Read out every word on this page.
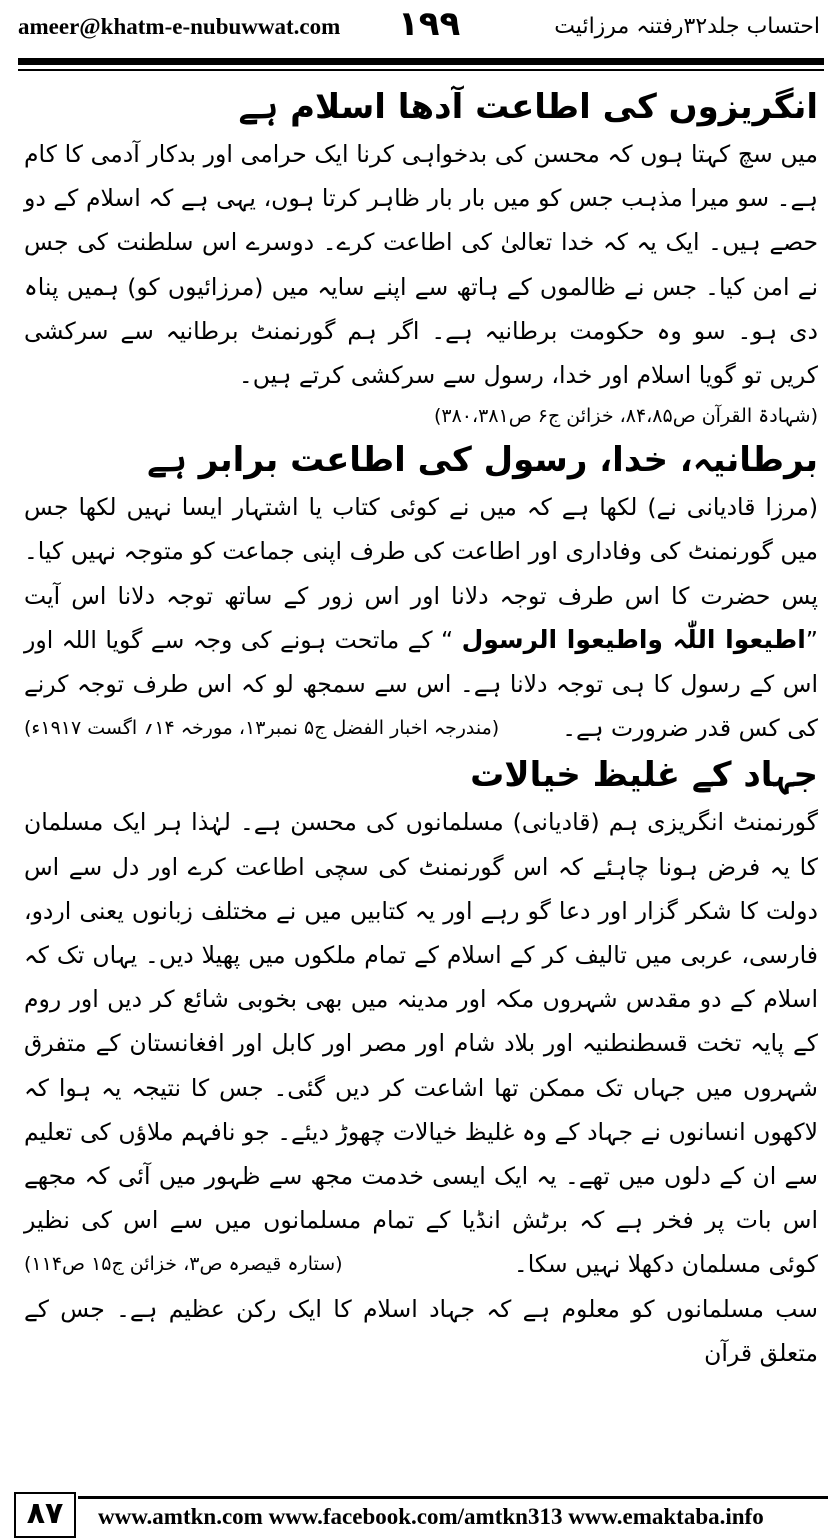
ameer@khatm-e-nubuwwat.com ۱۹۹	احتساب جلد۳۲رفتنہ مرزائیت
انگریزوں کی اطاعت آدھا اسلام ہے

میں سچ کہتا ہوں کہ محسن کی بدخواہی کرنا ایک حرامی اور بدکار آدمی کا کام ہے۔ سو میرا مذہب جس کو میں بار بار ظاہر کرتا ہوں، یہی ہے کہ اسلام کے دو حصے ہیں۔ ایک یہ کہ خدا تعالیٰ کی اطاعت کرے۔ دوسرے اس سلطنت کی جس نے امن کیا۔ جس نے ظالموں کے ہاتھ سے اپنے سایہ میں (مرزائیوں کو) ہمیں پناہ دی ہو۔ سو وہ حکومت برطانیہ ہے۔ اگر ہم گورنمنٹ برطانیہ سے سرکشی کریں تو گویا اسلام اور خدا، رسول سے سرکشی کرتے ہیں۔

(شہادۃ القرآن ص۸۴،۸۵، خزائن ج۶ ص۳۸۰،۳۸۱)

برطانیہ، خدا، رسول کی اطاعت برابر ہے

(مرزا قادیانی نے) لکھا ہے کہ میں نے کوئی کتاب یا اشتہار ایسا نہیں لکھا جس میں گورنمنٹ کی وفاداری اور اطاعت کی طرف اپنی جماعت کو متوجہ نہیں کیا۔ پس حضرت کا اس طرف توجہ دلانا اور اس زور کے ساتھ توجہ دلانا اس آیت ”اطیعوا اللّٰہ واطیعوا الرسول “ کے ماتحت ہونے کی وجہ سے گویا اللہ اور اس کے رسول کا ہی توجہ دلانا ہے۔ اس سے سمجھ لو کہ اس طرف توجہ کرنے کی کس قدر ضرورت ہے۔
(مندرجہ اخبار الفضل ج۵ نمبر۱۳، مورخہ ۱۴؍ اگست ۱۹۱۷ء)

جہاد کے غلیظ خیالات

گورنمنٹ انگریزی ہم (قادیانی) مسلمانوں کی محسن ہے۔ لہٰذا ہر ایک مسلمان کا یہ فرض ہونا چاہئے کہ اس گورنمنٹ کی سچی اطاعت کرے اور دل سے اس دولت کا شکر گزار اور دعا گو رہے اور یہ کتابیں میں نے مختلف زبانوں یعنی اردو، فارسی، عربی میں تالیف کر کے اسلام کے تمام ملکوں میں پھیلا دیں۔ یہاں تک کہ اسلام کے دو مقدس شہروں مکہ اور مدینہ میں بھی بخوبی شائع کر دیں اور روم کے پایہ تخت قسطنطنیہ اور بلاد شام اور مصر اور کابل اور افغانستان کے متفرق شہروں میں جہاں تک ممکن تھا اشاعت کر دیں گئی۔ جس کا نتیجہ یہ ہوا کہ لاکھوں انسانوں نے جہاد کے وہ غلیظ خیالات چھوڑ دیئے۔ جو نافہم ملاؤں کی تعلیم سے ان کے دلوں میں تھے۔ یہ ایک ایسی خدمت مجھ سے ظہور میں آئی کہ مجھے اس بات پر فخر ہے کہ برٹش انڈیا کے تمام مسلمانوں میں سے اس کی نظیر کوئی مسلمان دکھلا نہیں سکا۔
(ستارہ قیصرہ ص۳، خزائن ج۱۵ ص۱۱۴)

سب مسلمانوں کو معلوم ہے کہ جہاد اسلام کا ایک رکن عظیم ہے۔ جس کے متعلق قرآن

۸۷	www.amtkn.com www.facebook.com/amtkn313 www.emaktaba.info
